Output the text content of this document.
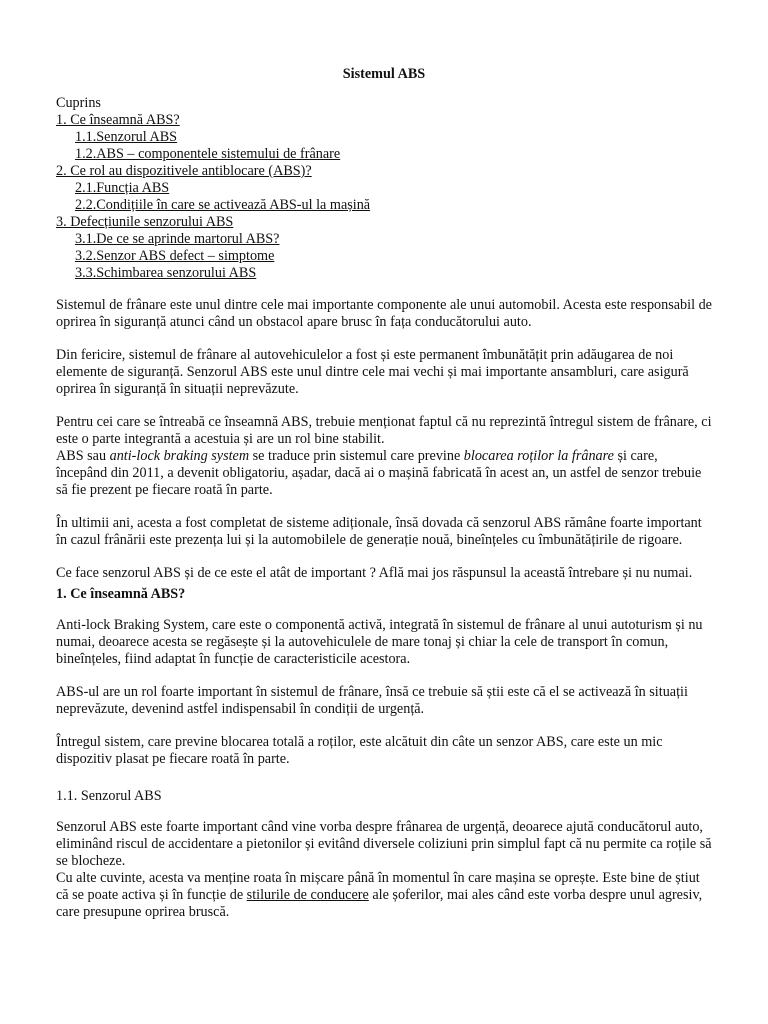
Sistemul ABS
Cuprins
1. Ce înseamnă ABS?
1.1.Senzorul ABS
1.2.ABS – componentele sistemului de frânare
2. Ce rol au dispozitivele antiblocare (ABS)?
2.1.Funcția ABS
2.2.Condițiile în care se activează ABS-ul la mașină
3. Defecțiunile senzorului ABS
3.1.De ce se aprinde martorul ABS?
3.2.Senzor ABS defect – simptome
3.3.Schimbarea senzorului ABS

Sistemul de frânare este unul dintre cele mai importante componente ale unui automobil. Acesta este responsabil de oprirea în siguranță atunci când un obstacol apare brusc în fața conducătorului auto.

Din fericire, sistemul de frânare al autovehiculelor a fost și este permanent îmbunătățit prin adăugarea de noi elemente de siguranță. Senzorul ABS este unul dintre cele mai vechi și mai importante ansambluri, care asigură oprirea în siguranță în situații neprevăzute.

Pentru cei care se întreabă ce înseamnă ABS, trebuie menționat faptul că nu reprezintă întregul sistem de frânare, ci este o parte integrantă a acestuia și are un rol bine stabilit.

ABS sau anti-lock braking system se traduce prin sistemul care previne blocarea roților la frânare și care, începând din 2011, a devenit obligatoriu, așadar, dacă ai o mașină fabricată în acest an, un astfel de senzor trebuie să fie prezent pe fiecare roată în parte.

În ultimii ani, acesta a fost completat de sisteme adiționale, însă dovada că senzorul ABS rămâne foarte important în cazul frânării este prezența lui și la automobilele de generație nouă, bineînțeles cu îmbunătățirile de rigoare.

Ce face senzorul ABS și de ce este el atât de important ? Află mai jos răspunsul la această întrebare și nu numai.

1. Ce înseamnă ABS?

Anti-lock Braking System, care este o componentă activă, integrată în sistemul de frânare al unui autoturism și nu numai, deoarece acesta se regăsește și la autovehiculele de mare tonaj și chiar la cele de transport în comun, bineînțeles, fiind adaptat în funcție de caracteristicile acestora.

ABS-ul are un rol foarte important în sistemul de frânare, însă ce trebuie să știi este că el se activează în situații neprevăzute, devenind astfel indispensabil în condiții de urgență.

Întregul sistem, care previne blocarea totală a roților, este alcătuit din câte un senzor ABS, care este un mic dispozitiv plasat pe fiecare roată în parte.

1.1. Senzorul ABS

Senzorul ABS este foarte important când vine vorba despre frânarea de urgență, deoarece ajută conducătorul auto, eliminând riscul de accidentare a pietonilor și evitând diversele coliziuni prin simplul fapt că nu permite ca roțile să se blocheze.

Cu alte cuvinte, acesta va menține roata în mișcare până în momentul în care mașina se oprește. Este bine de știut că se poate activa și în funcție de stilurile de conducere ale șoferilor, mai ales când este vorba despre unul agresiv, care presupune oprirea bruscă.
